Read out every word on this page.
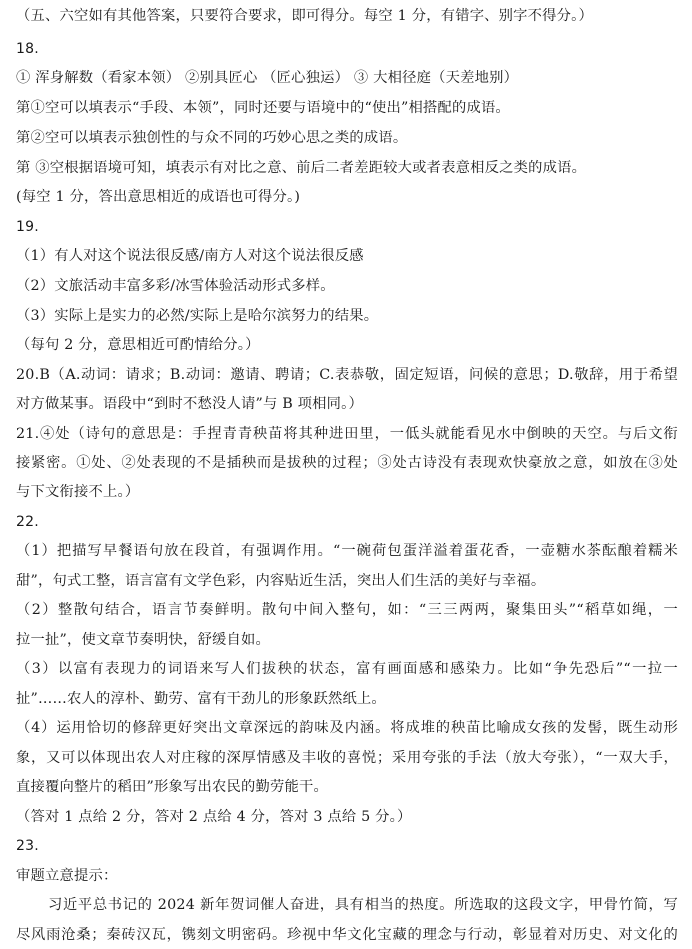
（五、六空如有其他答案，只要符合要求，即可得分。每空 1 分，有错字、别字不得分。）
18.
① 浑身解数（看家本领） ②别具匠心 （匠心独运） ③ 大相径庭（天差地别）
第①空可以填表示“手段、本领”，同时还要与语境中的“使出”相搭配的成语。
第②空可以填表示独创性的与众不同的巧妙心思之类的成语。
第 ③空根据语境可知，填表示有对比之意、前后二者差距较大或者表意相反之类的成语。
(每空 1 分，答出意思相近的成语也可得分。)
19.
（1）有人对这个说法很反感/南方人对这个说法很反感
（2）文旅活动丰富多彩/冰雪体验活动形式多样。
（3）实际上是实力的必然/实际上是哈尔滨努力的结果。
（每句 2 分，意思相近可酌情给分。）
20.B（A.动词：请求；B.动词：邀请、聘请；C.表恭敬，固定短语，问候的意思；D.敬辞，用于希望
对方做某事。语段中“到时不愁没人请”与 B 项相同。）
21.④处（诗句的意思是：手捏青青秧苗将其种进田里，一低头就能看见水中倒映的天空。与后文衔
接紧密。①处、②处表现的不是插秧而是拔秧的过程；③处古诗没有表现欢快豪放之意，如放在③处
与下文衔接不上。）
22.
（1）把描写早餐语句放在段首，有强调作用。“一碗荷包蛋洋溢着蛋花香，一壶糖水茶酝酿着糯米
甜”，句式工整，语言富有文学色彩，内容贴近生活，突出人们生活的美好与幸福。
（2）整散句结合，语言节奏鲜明。散句中间入整句，如：“三三两两，聚集田头”“稻草如绳，一
拉一扯”，使文章节奏明快，舒缓自如。
（3）以富有表现力的词语来写人们拔秧的状态，富有画面感和感染力。比如“争先恐后”“一拉一
扯”……农人的淳朴、勤劳、富有干劲儿的形象跃然纸上。
（4）运用恰切的修辞更好突出文章深远的韵味及内涵。将成堆的秧苗比喻成女孩的发髻，既生动形
象，又可以体现出农人对庄稼的深厚情感及丰收的喜悦；采用夸张的手法（放大夸张），“一双大手，
直接覆向整片的稻田”形象写出农民的勤劳能干。
（答对 1 点给 2 分，答对 2 点给 4 分，答对 3 点给 5 分。）
23.
审题立意提示：
习近平总书记的 2024 新年贺词催人奋进，具有相当的热度。所选取的这段文字，甲骨竹简，写
尽风雨沧桑；秦砖汉瓦，镌刻文明密码。珍视中华文化宝藏的理念与行动，彰显着对历史、对文化的
